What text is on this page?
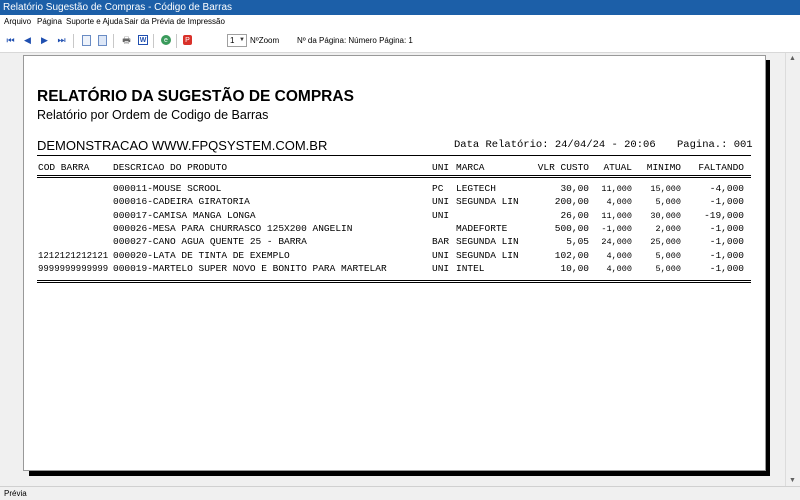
Relatório Sugestão de Compras - Código de Barras
Arquivo Página Suporte e Ajuda Sair da Prévia de Impressão
⏮ ◀ ▶ ⏭	🖶 W	e	P	1 ▼ NºZoom Nº da Página: Número Página: 1
▲
▼
RELATÓRIO DA SUGESTÃO DE COMPRAS
Relatório por Ordem de Codigo de Barras
DEMONSTRACAO WWW.FPQSYSTEM.COM.BR	Data Relatório: 24/04/24 - 20:06 Pagina.: 001
COD BARRA DESCRICAO DO PRODUTO	UNI MARCA	VLR CUSTO	ATUAL	MINIMO	FALTANDO
000011-MOUSE SCROOL	PC	LEGTECH	30,00	11,000	15,000	-4,000
000016-CADEIRA GIRATORIA	UNI SEGUNDA LIN	200,00	4,000	5,000	-1,000
000017-CAMISA MANGA LONGA	UNI	26,00	11,000	30,000	-19,000
000026-MESA PARA CHURRASCO 125X200 ANGELIN	MADEFORTE	500,00	-1,000	2,000	-1,000
000027-CANO AGUA QUENTE 25 - BARRA	BAR SEGUNDA LIN	5,05	24,000	25,000	-1,000
1212121212121 000020-LATA DE TINTA DE EXEMPLO	UNI SEGUNDA LIN	102,00	4,000	5,000	-1,000
9999999999999 000019-MARTELO SUPER NOVO E BONITO PARA MARTELAR	UNI INTEL	10,00	4,000	5,000	-1,000
Prévia
